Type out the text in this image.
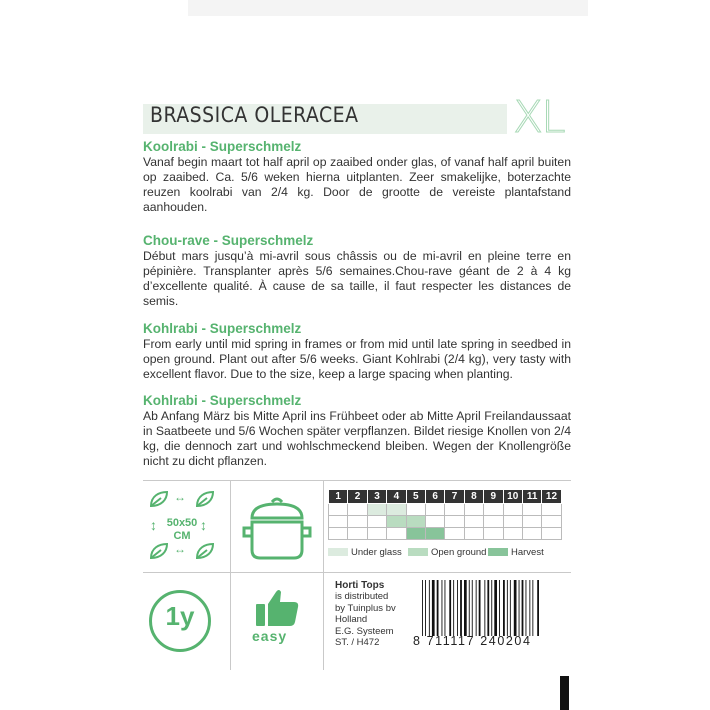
BRASSICA OLERACEA	XL
Koolrabi - Superschmelz

Vanaf begin maart tot half april op zaaibed onder glas, of vanaf half april buiten op zaaibed. Ca. 5/6 weken hierna uitplanten. Zeer smakelijke, boterzachte reuzen koolrabi van 2/4 kg. Door de grootte de vereiste plantafstand aanhouden.

Chou-rave - Superschmelz

Début mars jusqu’à mi-avril sous châssis ou de mi-avril en pleine terre en pépinière. Transplanter après 5/6 semaines.Chou-rave géant de 2 à 4 kg d’excellente qualité. À cause de sa taille, il faut respecter les distances de semis.

Kohlrabi - Superschmelz

From early until mid spring in frames or from mid until late spring in seedbed in open ground. Plant out after 5/6 weeks. Giant Kohlrabi (2/4 kg), very tasty with excellent flavor. Due to the size, keep a large spacing when planting.

Kohlrabi - Superschmelz

Ab Anfang März bis Mitte April ins Frühbeet oder ab Mitte April Freilandaussaat in Saatbeete und 5/6 Wochen später verpflanzen. Bildet riesige Knollen von 2/4 kg, die dennoch zart und wohlschmeckend bleiben. Wegen der Knollengröße nicht zu dicht pflanzen.

↔
↔
↕	↕
50x50
CM
1y
easy
1	2	3	4	5	6	7	8	9	10	11	12

Under glass	Open ground	Harvest
Horti Tops
is distributed
by Tuinplus bv
Holland
E.G. Systeem
ST. / H472	8 711117 240204
